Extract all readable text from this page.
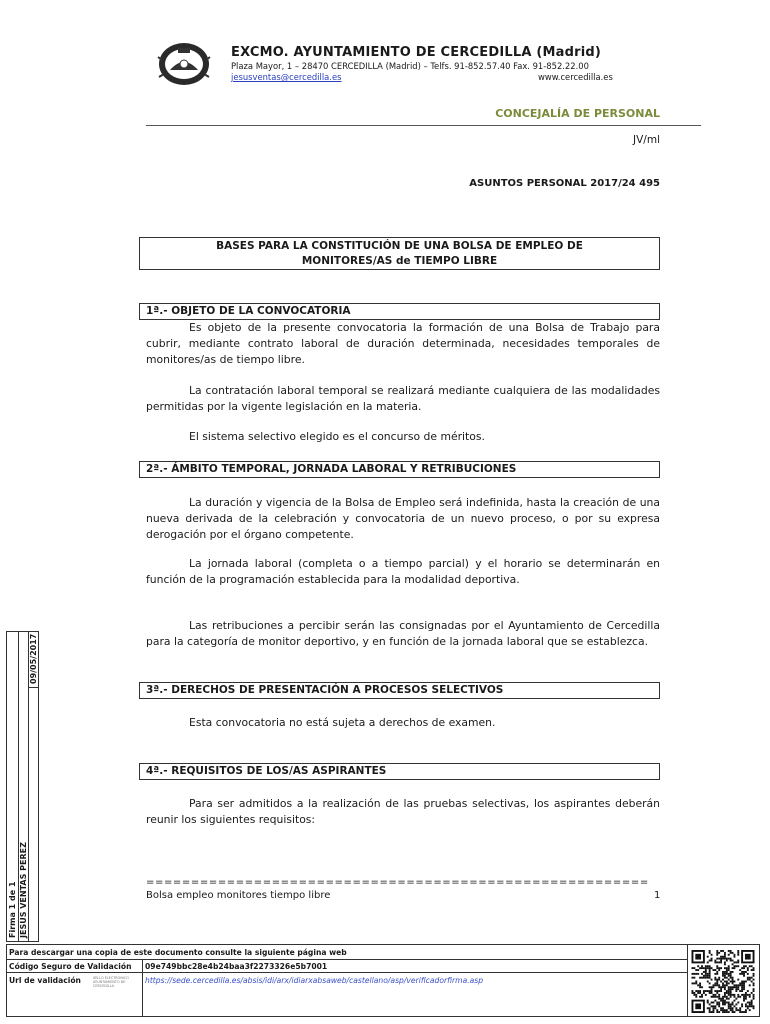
EXCMO. AYUNTAMIENTO DE CERCEDILLA (Madrid)
Plaza Mayor, 1 – 28470 CERCEDILLA (Madrid) – Telfs. 91-852.57.40 Fax. 91-852.22.00
jesusventas@cercedilla.es	www.cercedilla.es
CONCEJALÍA DE PERSONAL
JV/ml
ASUNTOS PERSONAL 2017/24 495
BASES PARA LA CONSTITUCIÓN DE UNA BOLSA DE EMPLEO DE
MONITORES/AS de TIEMPO LIBRE
1ª.- OBJETO DE LA CONVOCATORIA
Es objeto de la presente convocatoria la formación de una Bolsa de Trabajo para cubrir, mediante contrato laboral de duración determinada, necesidades temporales de monitores/as de tiempo libre.
La contratación laboral temporal se realizará mediante cualquiera de las modalidades permitidas por la vigente legislación en la materia.
El sistema selectivo elegido es el concurso de méritos.
2ª.- ÁMBITO TEMPORAL, JORNADA LABORAL Y RETRIBUCIONES
La duración y vigencia de la Bolsa de Empleo será indefinida, hasta la creación de una nueva derivada de la celebración y convocatoria de un nuevo proceso, o por su expresa derogación por el órgano competente.
La jornada laboral (completa o a tiempo parcial) y el horario se determinarán en función de la programación establecida para la modalidad deportiva.
Las retribuciones a percibir serán las consignadas por el Ayuntamiento de Cercedilla para la categoría de monitor deportivo, y en función de la jornada laboral que se establezca.
3ª.- DERECHOS DE PRESENTACIÓN A PROCESOS SELECTIVOS
Esta convocatoria no está sujeta a derechos de examen.
4ª.- REQUISITOS DE LOS/AS ASPIRANTES
Para ser admitidos a la realización de las pruebas selectivas, los aspirantes deberán reunir los siguientes requisitos:
========================================================
Bolsa empleo monitores tiempo libre	1
Firma 1 de 1 JESUS VENTAS PEREZ
09/05/2017
Para descargar una copia de este documento consulte la siguiente página web
Código Seguro de Validación 09e749bbc28e4b24baa3f2273326e5b7001
Url de validación	SELLO ELECTRONICO AYUNTAMIENTO DE CERCEDILLA
https://sede.cercedilla.es/absis/idi/arx/idiarxabsaweb/castellano/asp/verificadorfirma.asp
